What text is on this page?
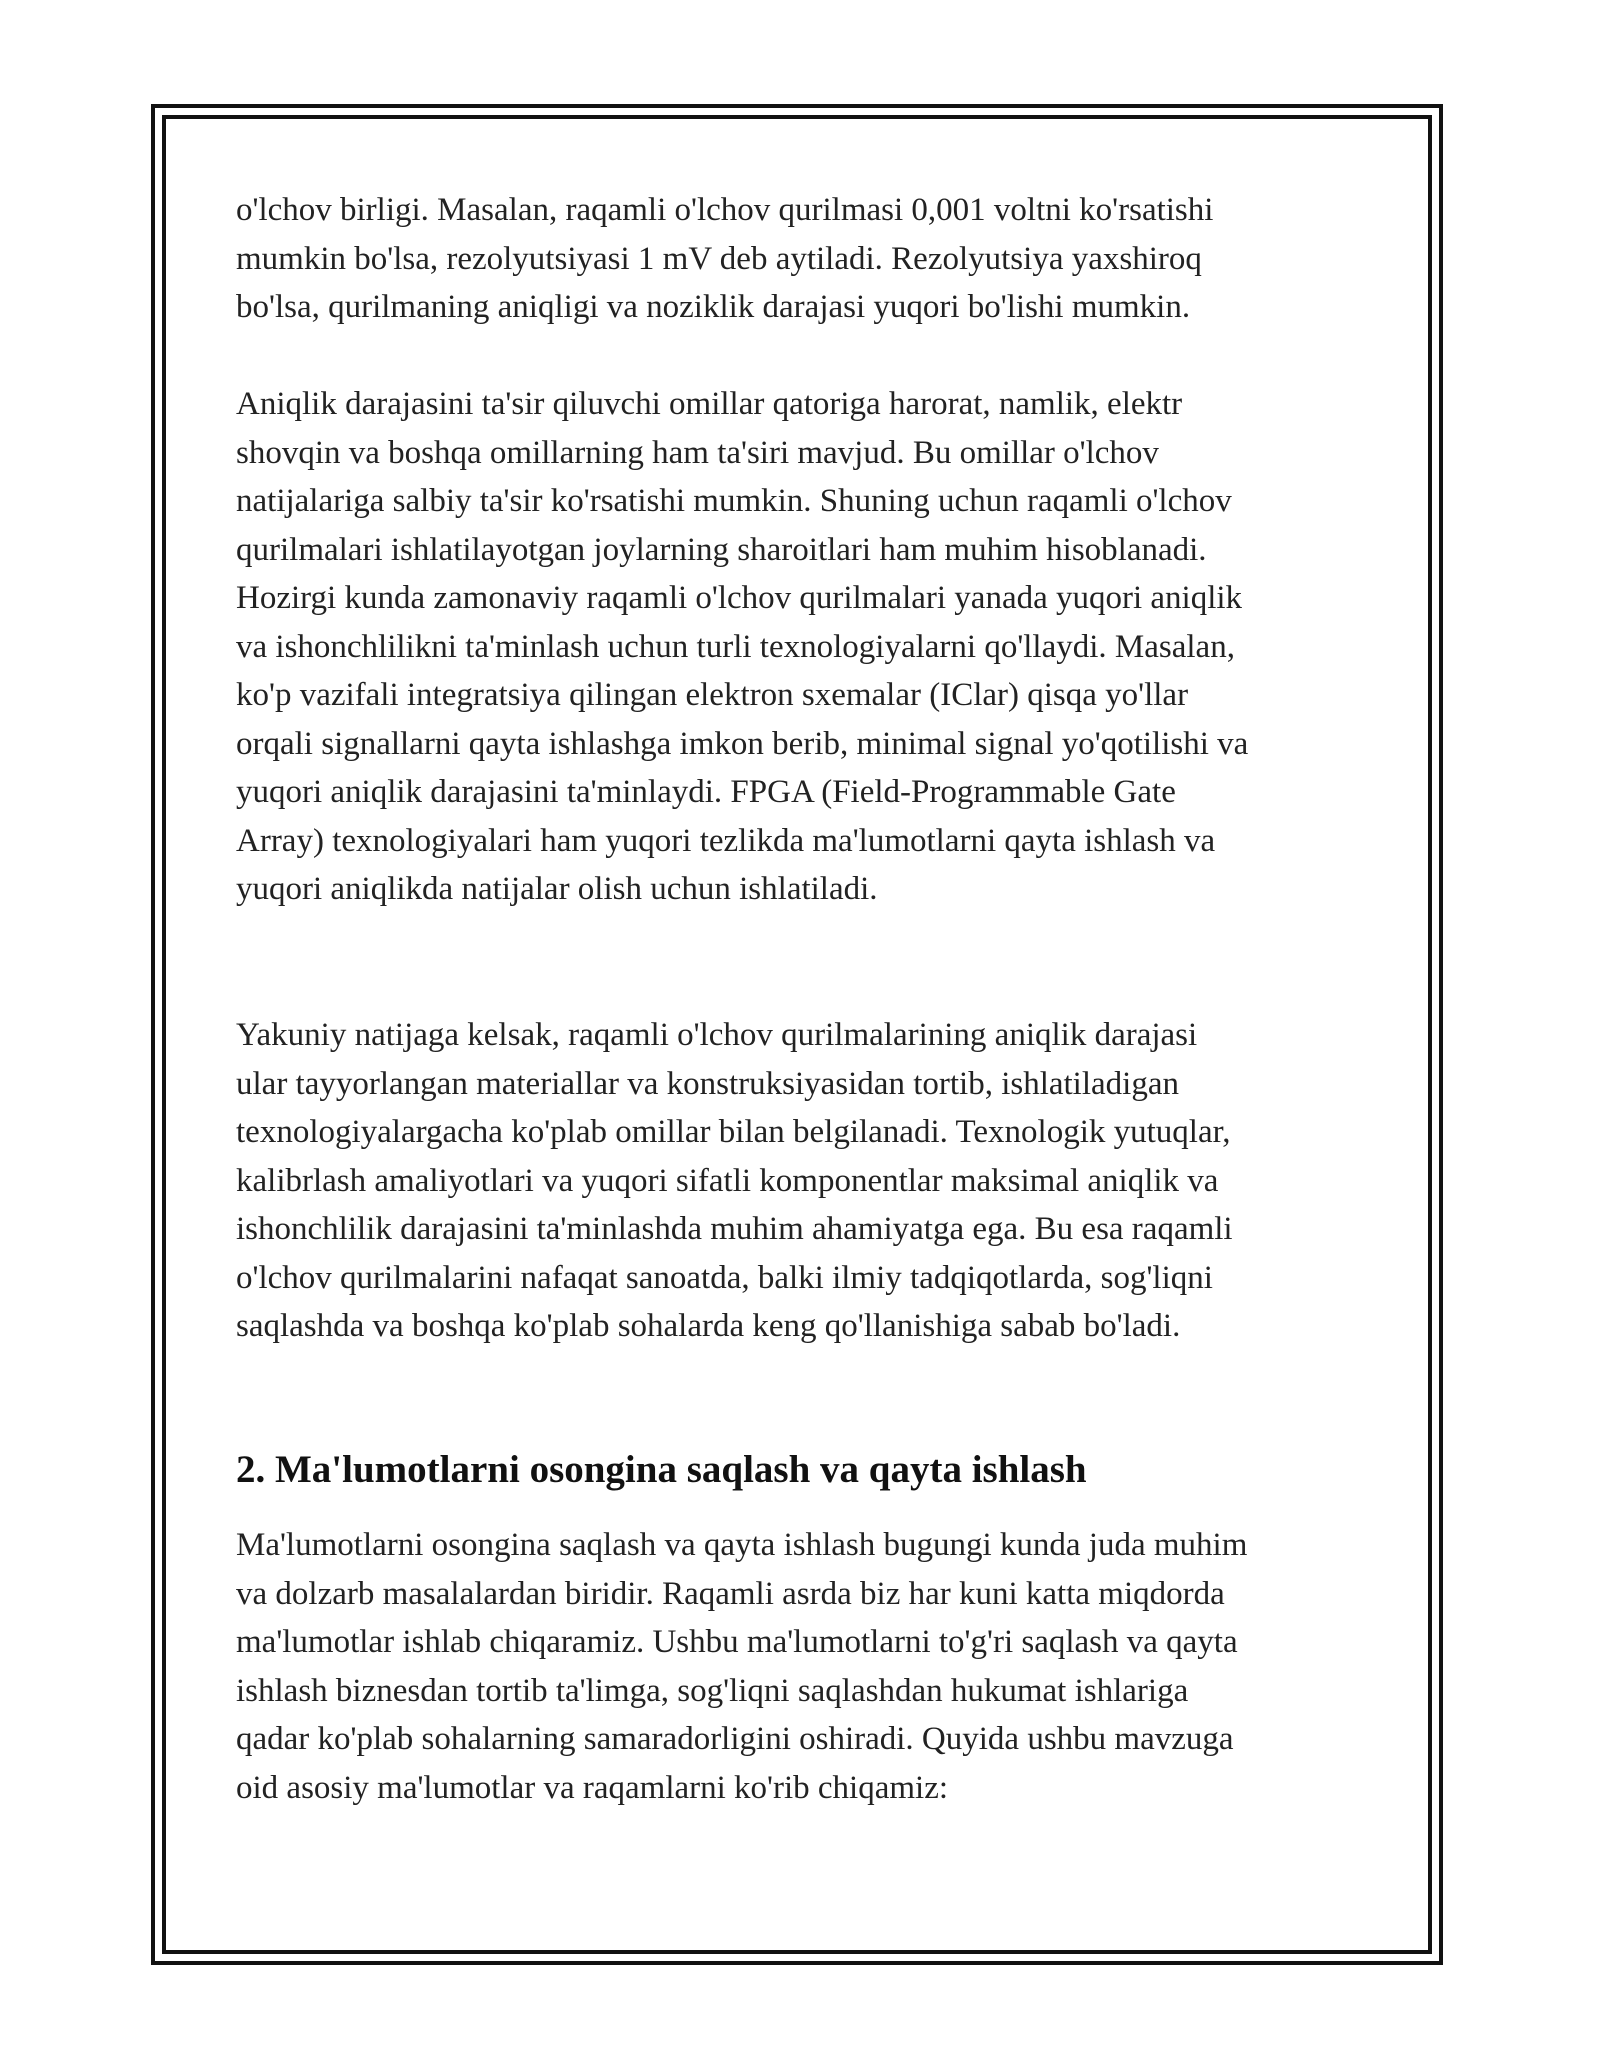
o'lchov birligi. Masalan, raqamli o'lchov qurilmasi 0,001 voltni ko'rsatishi
mumkin bo'lsa, rezolyutsiyasi 1 mV deb aytiladi. Rezolyutsiya yaxshiroq
bo'lsa, qurilmaning aniqligi va noziklik darajasi yuqori bo'lishi mumkin.
Aniqlik darajasini ta'sir qiluvchi omillar qatoriga harorat, namlik, elektr
shovqin va boshqa omillarning ham ta'siri mavjud. Bu omillar o'lchov
natijalariga salbiy ta'sir ko'rsatishi mumkin. Shuning uchun raqamli o'lchov
qurilmalari ishlatilayotgan joylarning sharoitlari ham muhim hisoblanadi.
Hozirgi kunda zamonaviy raqamli o'lchov qurilmalari yanada yuqori aniqlik
va ishonchlilikni ta'minlash uchun turli texnologiyalarni qo'llaydi. Masalan,
ko'p vazifali integratsiya qilingan elektron sxemalar (IClar) qisqa yo'llar
orqali signallarni qayta ishlashga imkon berib, minimal signal yo'qotilishi va
yuqori aniqlik darajasini ta'minlaydi. FPGA (Field-Programmable Gate
Array) texnologiyalari ham yuqori tezlikda ma'lumotlarni qayta ishlash va
yuqori aniqlikda natijalar olish uchun ishlatiladi.
Yakuniy natijaga kelsak, raqamli o'lchov qurilmalarining aniqlik darajasi
ular tayyorlangan materiallar va konstruksiyasidan tortib, ishlatiladigan
texnologiyalargacha ko'plab omillar bilan belgilanadi. Texnologik yutuqlar,
kalibrlash amaliyotlari va yuqori sifatli komponentlar maksimal aniqlik va
ishonchlilik darajasini ta'minlashda muhim ahamiyatga ega. Bu esa raqamli
o'lchov qurilmalarini nafaqat sanoatda, balki ilmiy tadqiqotlarda, sog'liqni
saqlashda va boshqa ko'plab sohalarda keng qo'llanishiga sabab bo'ladi.
2. Ma'lumotlarni osongina saqlash va qayta ishlash
Ma'lumotlarni osongina saqlash va qayta ishlash bugungi kunda juda muhim
va dolzarb masalalardan biridir. Raqamli asrda biz har kuni katta miqdorda
ma'lumotlar ishlab chiqaramiz. Ushbu ma'lumotlarni to'g'ri saqlash va qayta
ishlash biznesdan tortib ta'limga, sog'liqni saqlashdan hukumat ishlariga
qadar ko'plab sohalarning samaradorligini oshiradi. Quyida ushbu mavzuga
oid asosiy ma'lumotlar va raqamlarni ko'rib chiqamiz:
